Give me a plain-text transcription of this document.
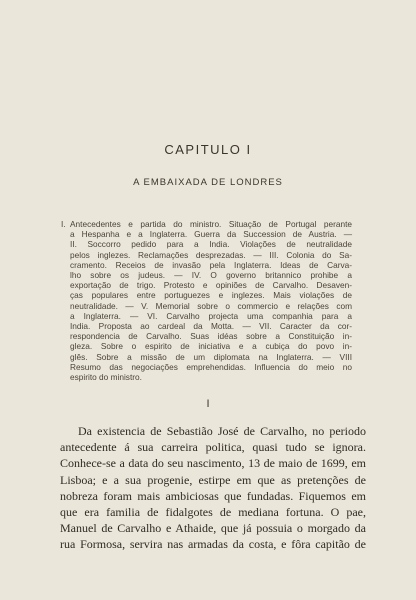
CAPITULO I
A EMBAIXADA DE LONDRES
I. Antecedentes e partida do ministro. Situação de Portugal perante
a Hespanha e a Inglaterra. Guerra da Succession de Austria. —
II. Soccorro pedido para a India. Violações de neutralidade
pelos inglezes. Reclamações desprezadas. — III. Colonia do Sa-
cramento. Receios de invasão pela Inglaterra. Ideas de Carva-
lho sobre os judeus. — IV. O governo britannico prohibe a
exportação de trigo. Protesto e opiniões de Carvalho. Desaven-
ças populares entre portuguezes e inglezes. Mais violações de
neutralidade. — V. Memorial sobre o commercio e relações com
a Inglaterra. — VI. Carvalho projecta uma companhia para a
India. Proposta ao cardeal da Motta. — VII. Caracter da cor-
respondencia de Carvalho. Suas idéas sobre a Constituição in-
gleza. Sobre o espirito de iniciativa e a cubiça do povo in-
glês. Sobre a missão de um diplomata na Inglaterra. — VIII
Resumo das negociações emprehendidas. Influencia do meio no
espirito do ministro.
I
Da existencia de Sebastião José de Carvalho, no periodo
antecedente á sua carreira politica, quasi tudo se ignora.
Conhece-se a data do seu nascimento, 13 de maio de 1699, em
Lisboa; e a sua progenie, estirpe em que as pretenções de
nobreza foram mais ambiciosas que fundadas. Fiquemos em
que era familia de fidalgotes de mediana fortuna. O pae,
Manuel de Carvalho e Athaide, que já possuia o morgado da
rua Formosa, servira nas armadas da costa, e fôra capitão de
